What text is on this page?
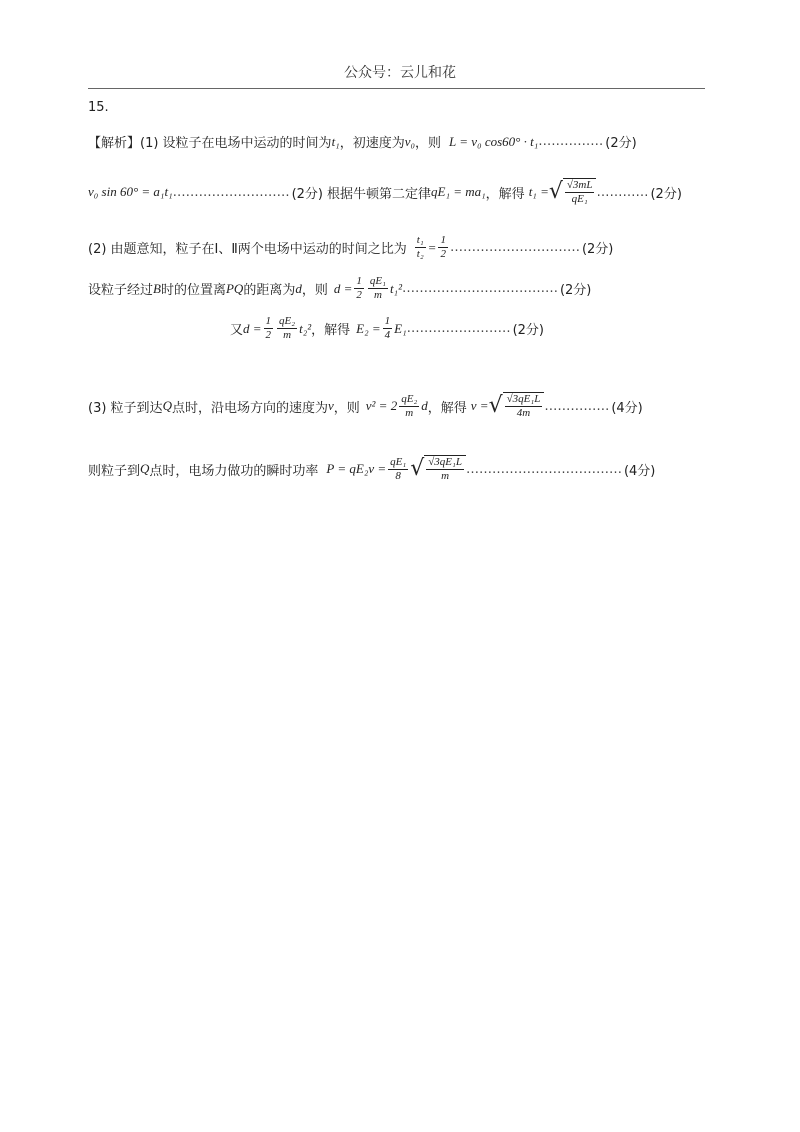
公众号：云儿和花
15.
【解析】(1) 设粒子在电场中运动的时间为 t₁ ，初速度为 v₀ ，则 L = v₀ cos60° · t₁ …………… (2分)
v₀ sin 60° = a₁t₁ ……………………… (2分) 根据牛顿第二定律 qE₁ = ma₁ ，解得 t₁ = √ $\frac{√3mL}{\text{qE₁}}$ ………… (2分)
(2) 由题意知，粒子在Ⅰ、Ⅱ两个电场中运动的时间之比为 $\frac{\text{t₁}}{\text{t₂}} = \frac{1}{2}$ ………………………… (2分)
设粒子经过 B 时的位置离 PQ 的距离为 d ，则 $d = \frac{1}{2} \frac{\text{qE₁}}{m} t_1^2$ ……………………………… (2分)
又 $d = \frac{1}{2} \frac{\text{qE₂}}{m} t_2^2$ ，解得 $E_2 = \frac{1}{4} E_1$ …………………… (2分)
(3) 粒子到达 Q 点时，沿电场方向的速度为 v ，则 $v^2 = 2 \frac{\text{qE₂}}{m}$ d ，解得 v = √ $\frac{\text{√3qE₁L}}{4m}$ …………… (4分)
则粒子到 Q 点时，电场力做功的瞬时功率 $P = qE_2v = \frac{\text{qE₁}}{8}$ √ $\frac{\text{√3qE₁L}}{m}$ ……………………………… (4分)
